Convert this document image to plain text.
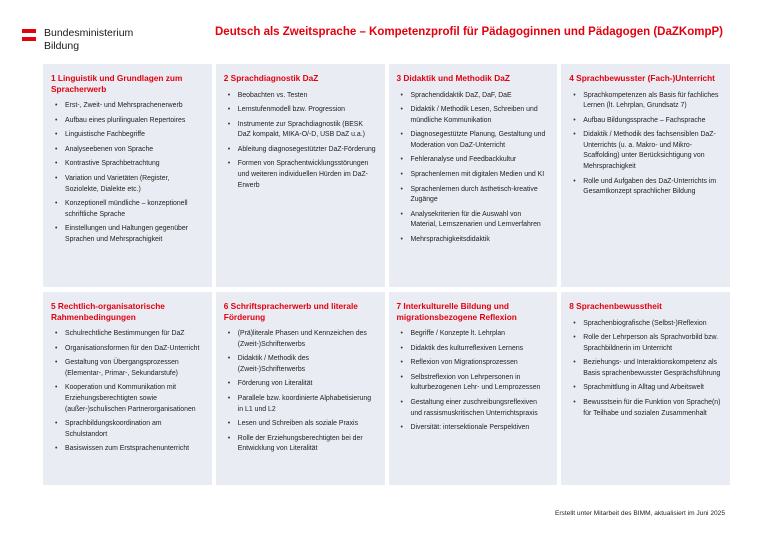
Bundesministerium
Bildung
Deutsch als Zweitsprache – Kompetenzprofil für Pädagoginnen und Pädagogen (DaZKompP)
1 Linguistik und Grundlagen zum Spracherwerb
• Erst-, Zweit- und Mehrsprachenerwerb
• Aufbau eines plurilingualen Repertoires
• Linguistische Fachbegriffe
• Analyseebenen von Sprache
• Kontrastive Sprachbetrachtung
• Variation und Varietäten (Register, Soziolekte, Dialekte etc.)
• Konzeptionell mündliche – konzeptionell schriftliche Sprache
• Einstellungen und Haltungen gegenüber Sprachen und Mehrsprachigkeit
2 Sprachdiagnostik DaZ
• Beobachten vs. Testen
• Lernstufenmodell bzw. Progression
• Instrumente zur Sprachdiagnostik (BESK DaZ kompakt, MIKA-O/-D, USB DaZ u.a.)
• Ableitung diagnosegestützter DaZ-Förderung
• Formen von Sprachentwicklungsstörungen und weiteren individuellen Hürden im DaZ-Erwerb
3 Didaktik und Methodik DaZ
• Sprachendidaktik DaZ, DaF, DaE
• Didaktik / Methodik Lesen, Schreiben und mündliche Kommunikation
• Diagnosegestützte Planung, Gestaltung und Moderation von DaZ-Unterricht
• Fehleranalyse und Feedbackkultur
• Sprachenlernen mit digitalen Medien und KI
• Sprachenlernen durch ästhetisch-kreative Zugänge
• Analysekriterien für die Auswahl von Material, Lernszenarien und Lernverfahren
• Mehrsprachigkeitsdidaktik
4 Sprachbewusster (Fach-)Unterricht
• Sprachkompetenzen als Basis für fachliches Lernen (lt. Lehrplan, Grundsatz 7)
• Aufbau Bildungssprache – Fachsprache
• Didaktik / Methodik des fachsensiblen DaZ-Unterrichts (u. a. Makro- und Mikro-Scaffolding) unter Berücksichtigung von Mehrsprachigkeit
• Rolle und Aufgaben des DaZ-Unterrichts im Gesamtkonzept sprachlicher Bildung
5 Rechtlich-organisatorische Rahmenbedingungen
• Schulrechtliche Bestimmungen für DaZ
• Organisationsformen für den DaZ-Unterricht
• Gestaltung von Übergangsprozessen (Elementar-, Primar-, Sekundarstufe)
• Kooperation und Kommunikation mit Erziehungsberechtigten sowie (außer-)schulischen Partnerorganisationen
• Sprachbildungskoordination am Schulstandort
• Basiswissen zum Erstsprachenunterricht
6 Schriftspracherwerb und literale Förderung
• (Prä)literale Phasen und Kennzeichen des (Zweit-)Schrifterwerbs
• Didaktik / Methodik des (Zweit-)Schrifterwerbs
• Förderung von Literalität
• Parallele bzw. koordinierte Alphabetisierung in L1 und L2
• Lesen und Schreiben als soziale Praxis
• Rolle der Erziehungsberechtigten bei der Entwicklung von Literalität
7 Interkulturelle Bildung und migrationsbezogene Reflexion
• Begriffe / Konzepte lt. Lehrplan
• Didaktik des kulturreflexiven Lernens
• Reflexion von Migrationsprozessen
• Selbstreflexion von Lehrpersonen in kulturbezogenen Lehr- und Lernprozessen
• Gestaltung einer zuschreibungsreflexiven und rassismuskritischen Unterrichtspraxis
• Diversität: intersektionale Perspektiven
8 Sprachenbewusstheit
• Sprachenbiografische (Selbst-)Reflexion
• Rolle der Lehrperson als Sprachvorbild bzw. Sprachbildnerin im Unterricht
• Beziehungs- und Interaktionskompetenz als Basis sprachenbewusster Gesprächsführung
• Sprachmittlung in Alltag und Arbeitswelt
• Bewusstsein für die Funktion von Sprache(n) für Teilhabe und sozialen Zusammenhalt
Erstellt unter Mitarbeit des BIMM, aktualisiert im Juni 2025
